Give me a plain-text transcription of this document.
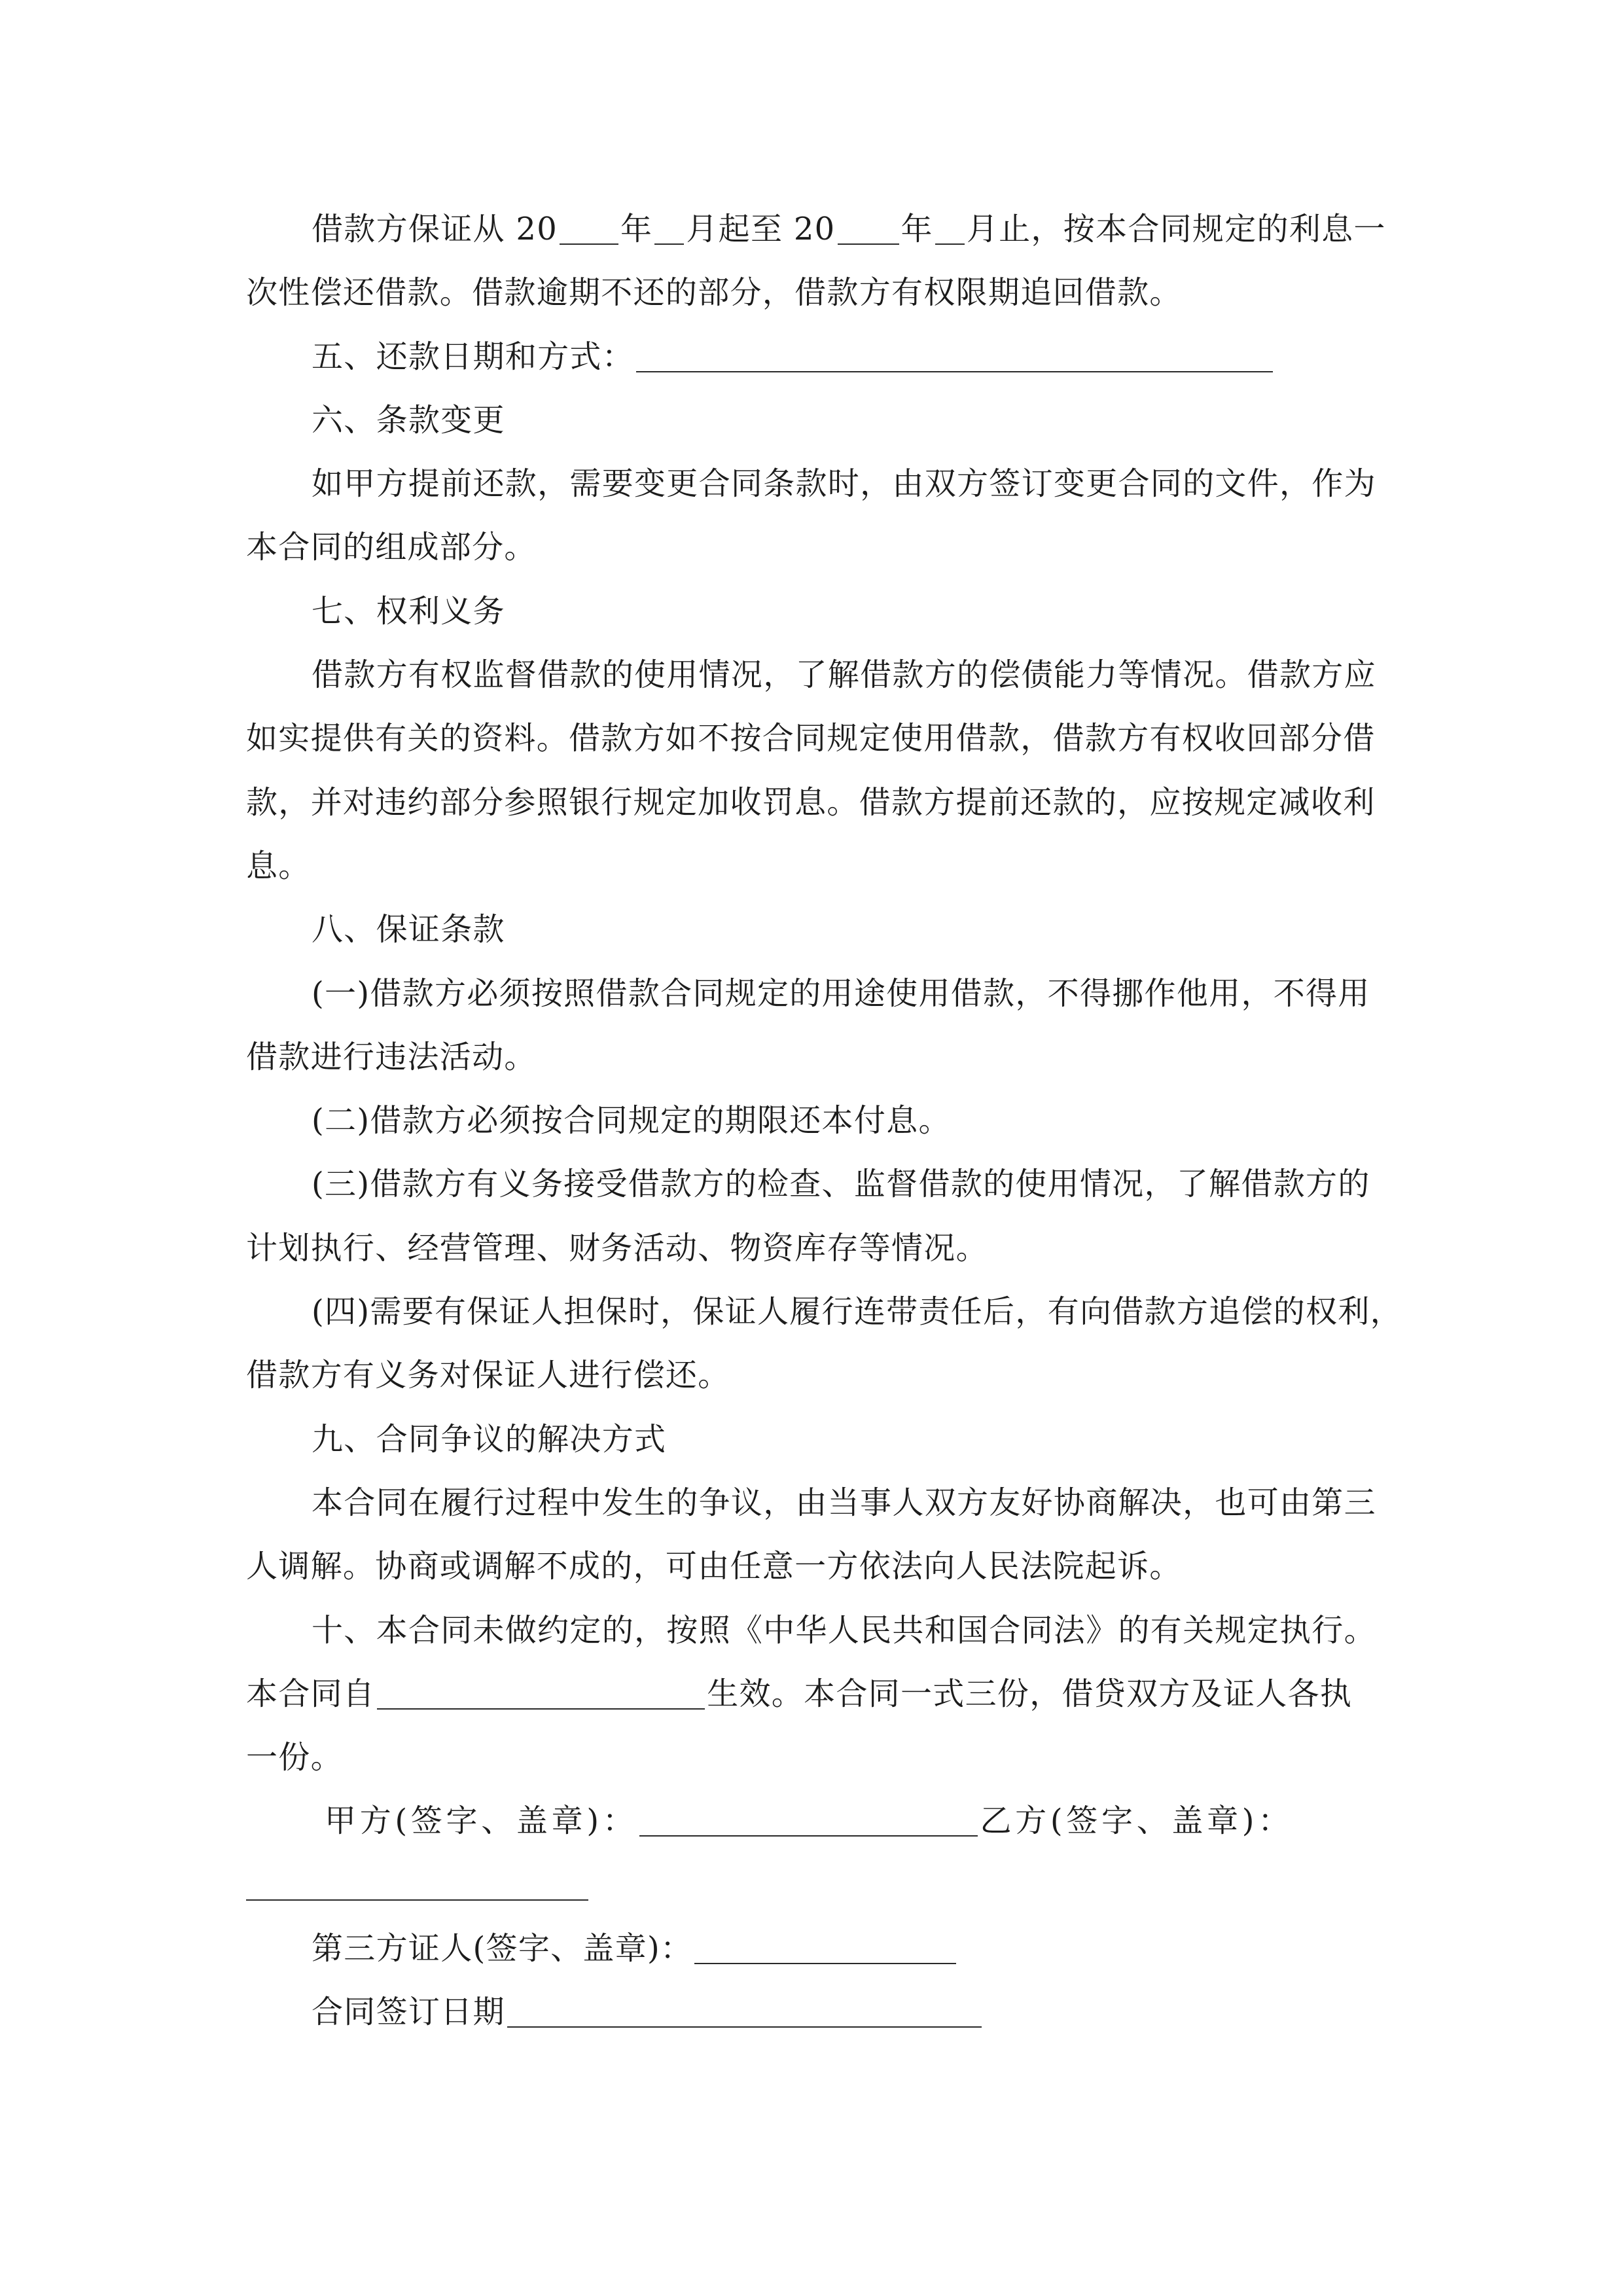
借款方保证从 20 年 月起至 20 年 月止，按本合同规定的利息一
次性偿还借款。借款逾期不还的部分，借款方有权限期追回借款。
五、还款日期和方式：
六、条款变更
如甲方提前还款，需要变更合同条款时，由双方签订变更合同的文件，作为
本合同的组成部分。
七、权利义务
借款方有权监督借款的使用情况，了解借款方的偿债能力等情况。借款方应
如实提供有关的资料。借款方如不按合同规定使用借款，借款方有权收回部分借
款，并对违约部分参照银行规定加收罚息。借款方提前还款的，应按规定减收利
息。
八、保证条款
(一)借款方必须按照借款合同规定的用途使用借款，不得挪作他用，不得用
借款进行违法活动。
(二)借款方必须按合同规定的期限还本付息。
(三)借款方有义务接受借款方的检查、监督借款的使用情况，了解借款方的
计划执行、经营管理、财务活动、物资库存等情况。
(四)需要有保证人担保时，保证人履行连带责任后，有向借款方追偿的权利，
借款方有义务对保证人进行偿还。
九、合同争议的解决方式
本合同在履行过程中发生的争议，由当事人双方友好协商解决，也可由第三
人调解。协商或调解不成的，可由任意一方依法向人民法院起诉。
十、本合同未做约定的，按照《中华人民共和国合同法》的有关规定执行。
本合同自	生效。本合同一式三份，借贷双方及证人各执
一份。
甲方(签字、盖章)：	乙方(签字、盖章)：
第三方证人(签字、盖章)：
合同签订日期
